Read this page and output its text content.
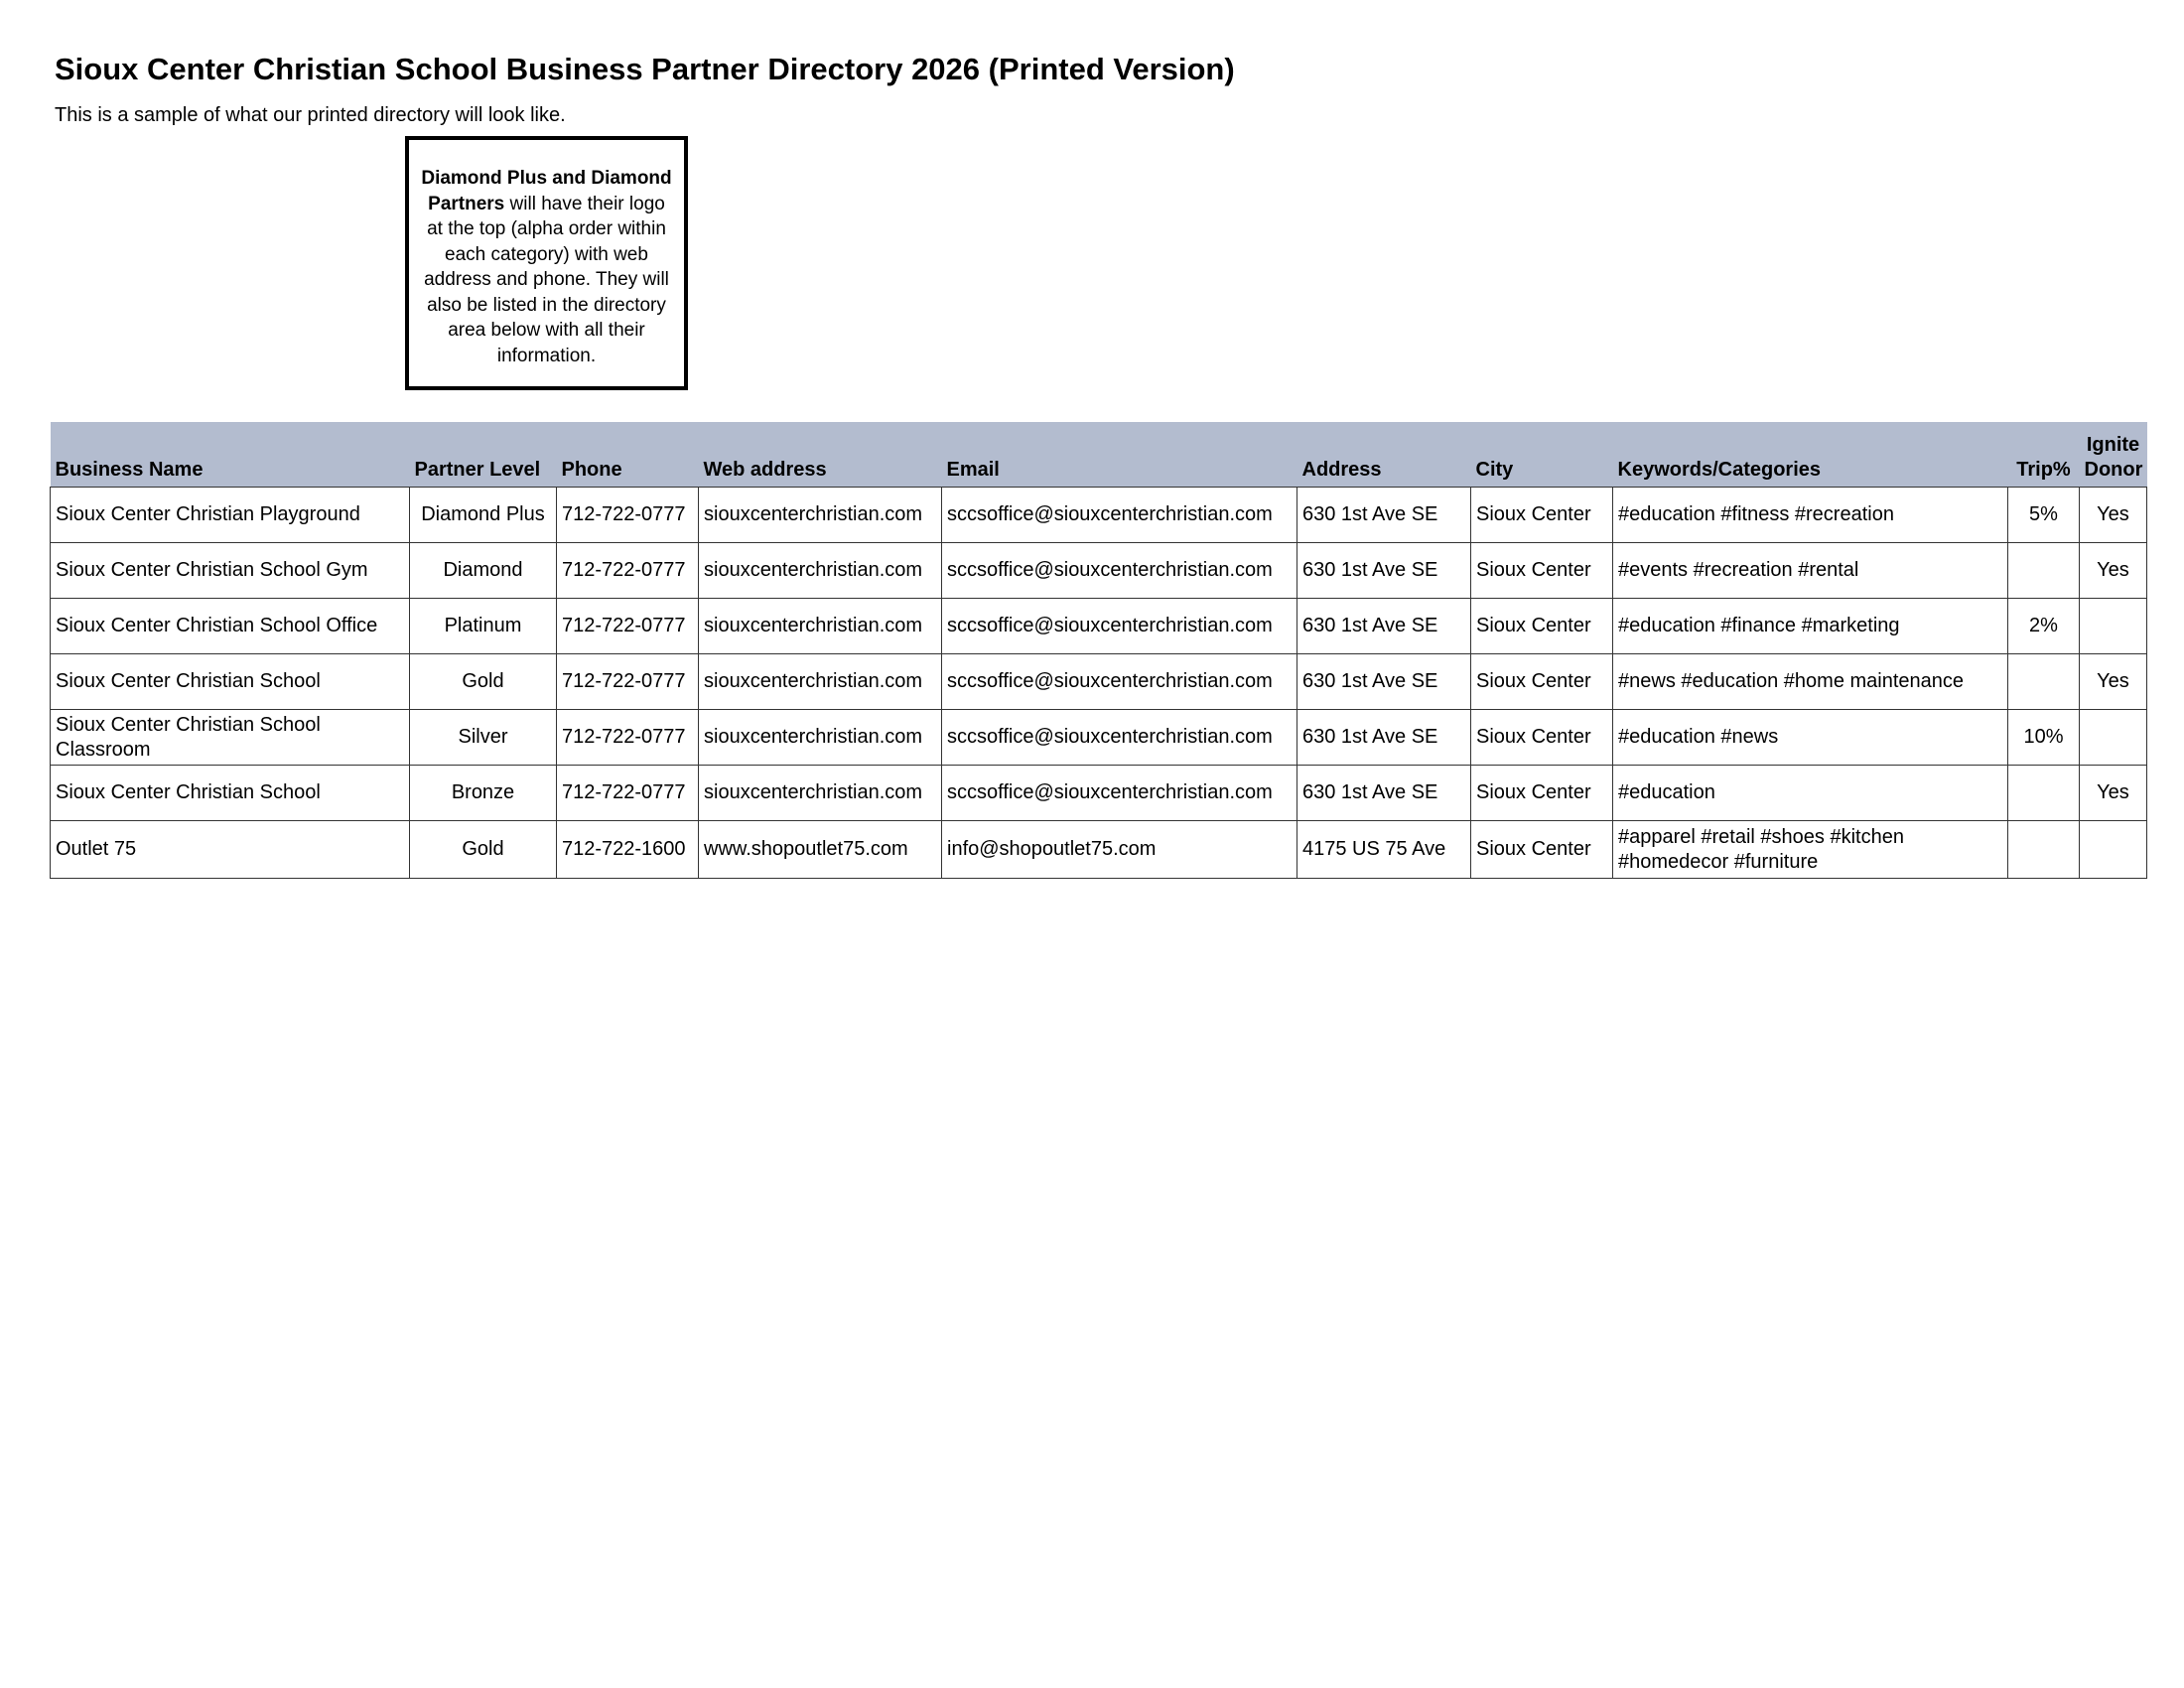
Sioux Center Christian School Business Partner Directory 2026 (Printed Version)
This is a sample of what our printed directory will look like.
Diamond Plus and Diamond Partners will have their logo at the top (alpha order within each category) with web address and phone. They will also be listed in the directory area below with all their information.
Business Name	Partner Level	Phone	Web address	Email	Address	City	Keywords/Categories	Trip%	Ignite
Donor
Sioux Center Christian Playground	Diamond Plus	712-722-0777	siouxcenterchristian.com	sccsoffice@siouxcenterchristian.com	630 1st Ave SE	Sioux Center	#education #fitness #recreation	5%	Yes
Sioux Center Christian School Gym	Diamond	712-722-0777	siouxcenterchristian.com	sccsoffice@siouxcenterchristian.com	630 1st Ave SE	Sioux Center	#events #recreation #rental		Yes
Sioux Center Christian School Office	Platinum	712-722-0777	siouxcenterchristian.com	sccsoffice@siouxcenterchristian.com	630 1st Ave SE	Sioux Center	#education #finance #marketing	2%	
Sioux Center Christian School	Gold	712-722-0777	siouxcenterchristian.com	sccsoffice@siouxcenterchristian.com	630 1st Ave SE	Sioux Center	#news #education #home maintenance		Yes
Sioux Center Christian School Classroom	Silver	712-722-0777	siouxcenterchristian.com	sccsoffice@siouxcenterchristian.com	630 1st Ave SE	Sioux Center	#education #news	10%	
Sioux Center Christian School	Bronze	712-722-0777	siouxcenterchristian.com	sccsoffice@siouxcenterchristian.com	630 1st Ave SE	Sioux Center	#education		Yes
Outlet 75	Gold	712-722-1600	www.shopoutlet75.com	info@shopoutlet75.com	4175 US 75 Ave	Sioux Center	#apparel #retail #shoes #kitchen #homedecor #furniture		
